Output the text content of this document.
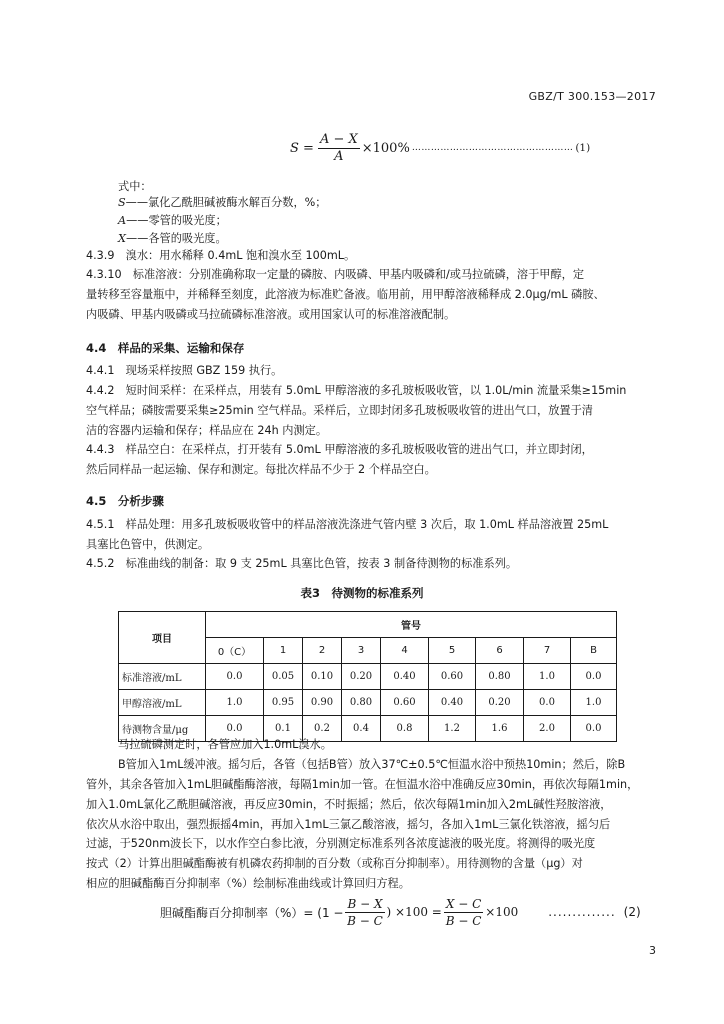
GBZ/T 300.153—2017
$S = \frac{A - X}{A} \times 100\%$ …………………………………………… (1)
式中：
S——氯化乙酰胆碱被酶水解百分数，%；
A——零管的吸光度；
X——各管的吸光度。
4.3.9　溴水：用水稀释 0.4mL 饱和溴水至 100mL。
4.3.10　标准溶液：分别准确称取一定量的磷胺、内吸磷、甲基内吸磷和/或马拉硫磷，溶于甲醇，定
量转移至容量瓶中，并稀释至刻度，此溶液为标准贮备液。临用前，用甲醇溶液稀释成 2.0μg/mL 磷胺、
内吸磷、甲基内吸磷或马拉硫磷标准溶液。或用国家认可的标准溶液配制。
4.4　样品的采集、运输和保存
4.4.1　现场采样按照 GBZ 159 执行。
4.4.2　短时间采样：在采样点，用装有 5.0mL 甲醇溶液的多孔玻板吸收管，以 1.0L/min 流量采集≥15min
空气样品；磷胺需要采集≥25min 空气样品。采样后，立即封闭多孔玻板吸收管的进出气口，放置于清
洁的容器内运输和保存；样品应在 24h 内测定。
4.4.3　样品空白：在采样点，打开装有 5.0mL 甲醇溶液的多孔玻板吸收管的进出气口，并立即封闭，
然后同样品一起运输、保存和测定。每批次样品不少于 2 个样品空白。
4.5　分析步骤
4.5.1　样品处理：用多孔玻板吸收管中的样品溶液洗涤进气管内壁 3 次后，取 1.0mL 样品溶液置 25mL
具塞比色管中，供测定。
4.5.2　标准曲线的制备：取 9 支 25mL 具塞比色管，按表 3 制备待测物的标准系列。
表3　待测物的标准系列
项目	管号								
	0（C）	1	2	3	4	5	6	7	B
标准溶液/mL	0.0	0.05	0.10	0.20	0.40	0.60	0.80	1.0	0.0
甲醇溶液/mL	1.0	0.95	0.90	0.80	0.60	0.40	0.20	0.0	1.0
待测物含量/μg	0.0	0.1	0.2	0.4	0.8	1.2	1.6	2.0	0.0
马拉硫磷测定时，各管应加入1.0mL溴水。
B管加入1mL缓冲液。摇匀后，各管（包括B管）放入37℃±0.5℃恒温水浴中预热10min；然后，除B
管外，其余各管加入1mL胆碱酯酶溶液，每隔1min加一管。在恒温水浴中准确反应30min，再依次每隔1min，
加入1.0mL氯化乙酰胆碱溶液，再反应30min，不时振摇；然后，依次每隔1min加入2mL碱性羟胺溶液，
依次从水浴中取出，强烈振摇4min，再加入1mL三氯乙酸溶液，摇匀，各加入1mL三氯化铁溶液，摇匀后
过滤，于520nm波长下，以水作空白参比液，分别测定标准系列各浓度滤液的吸光度。将测得的吸光度
按式（2）计算出胆碱酯酶被有机磷农药抑制的百分数（或称百分抑制率）。用待测物的含量（μg）对
相应的胆碱酯酶百分抑制率（%）绘制标准曲线或计算回归方程。
胆碱酯酶百分抑制率（%）= ($1 - \frac{B - X}{B - C}$ ) $\times 100 = \frac{X - C}{B - C} \times 100$	.............. (2)
3
